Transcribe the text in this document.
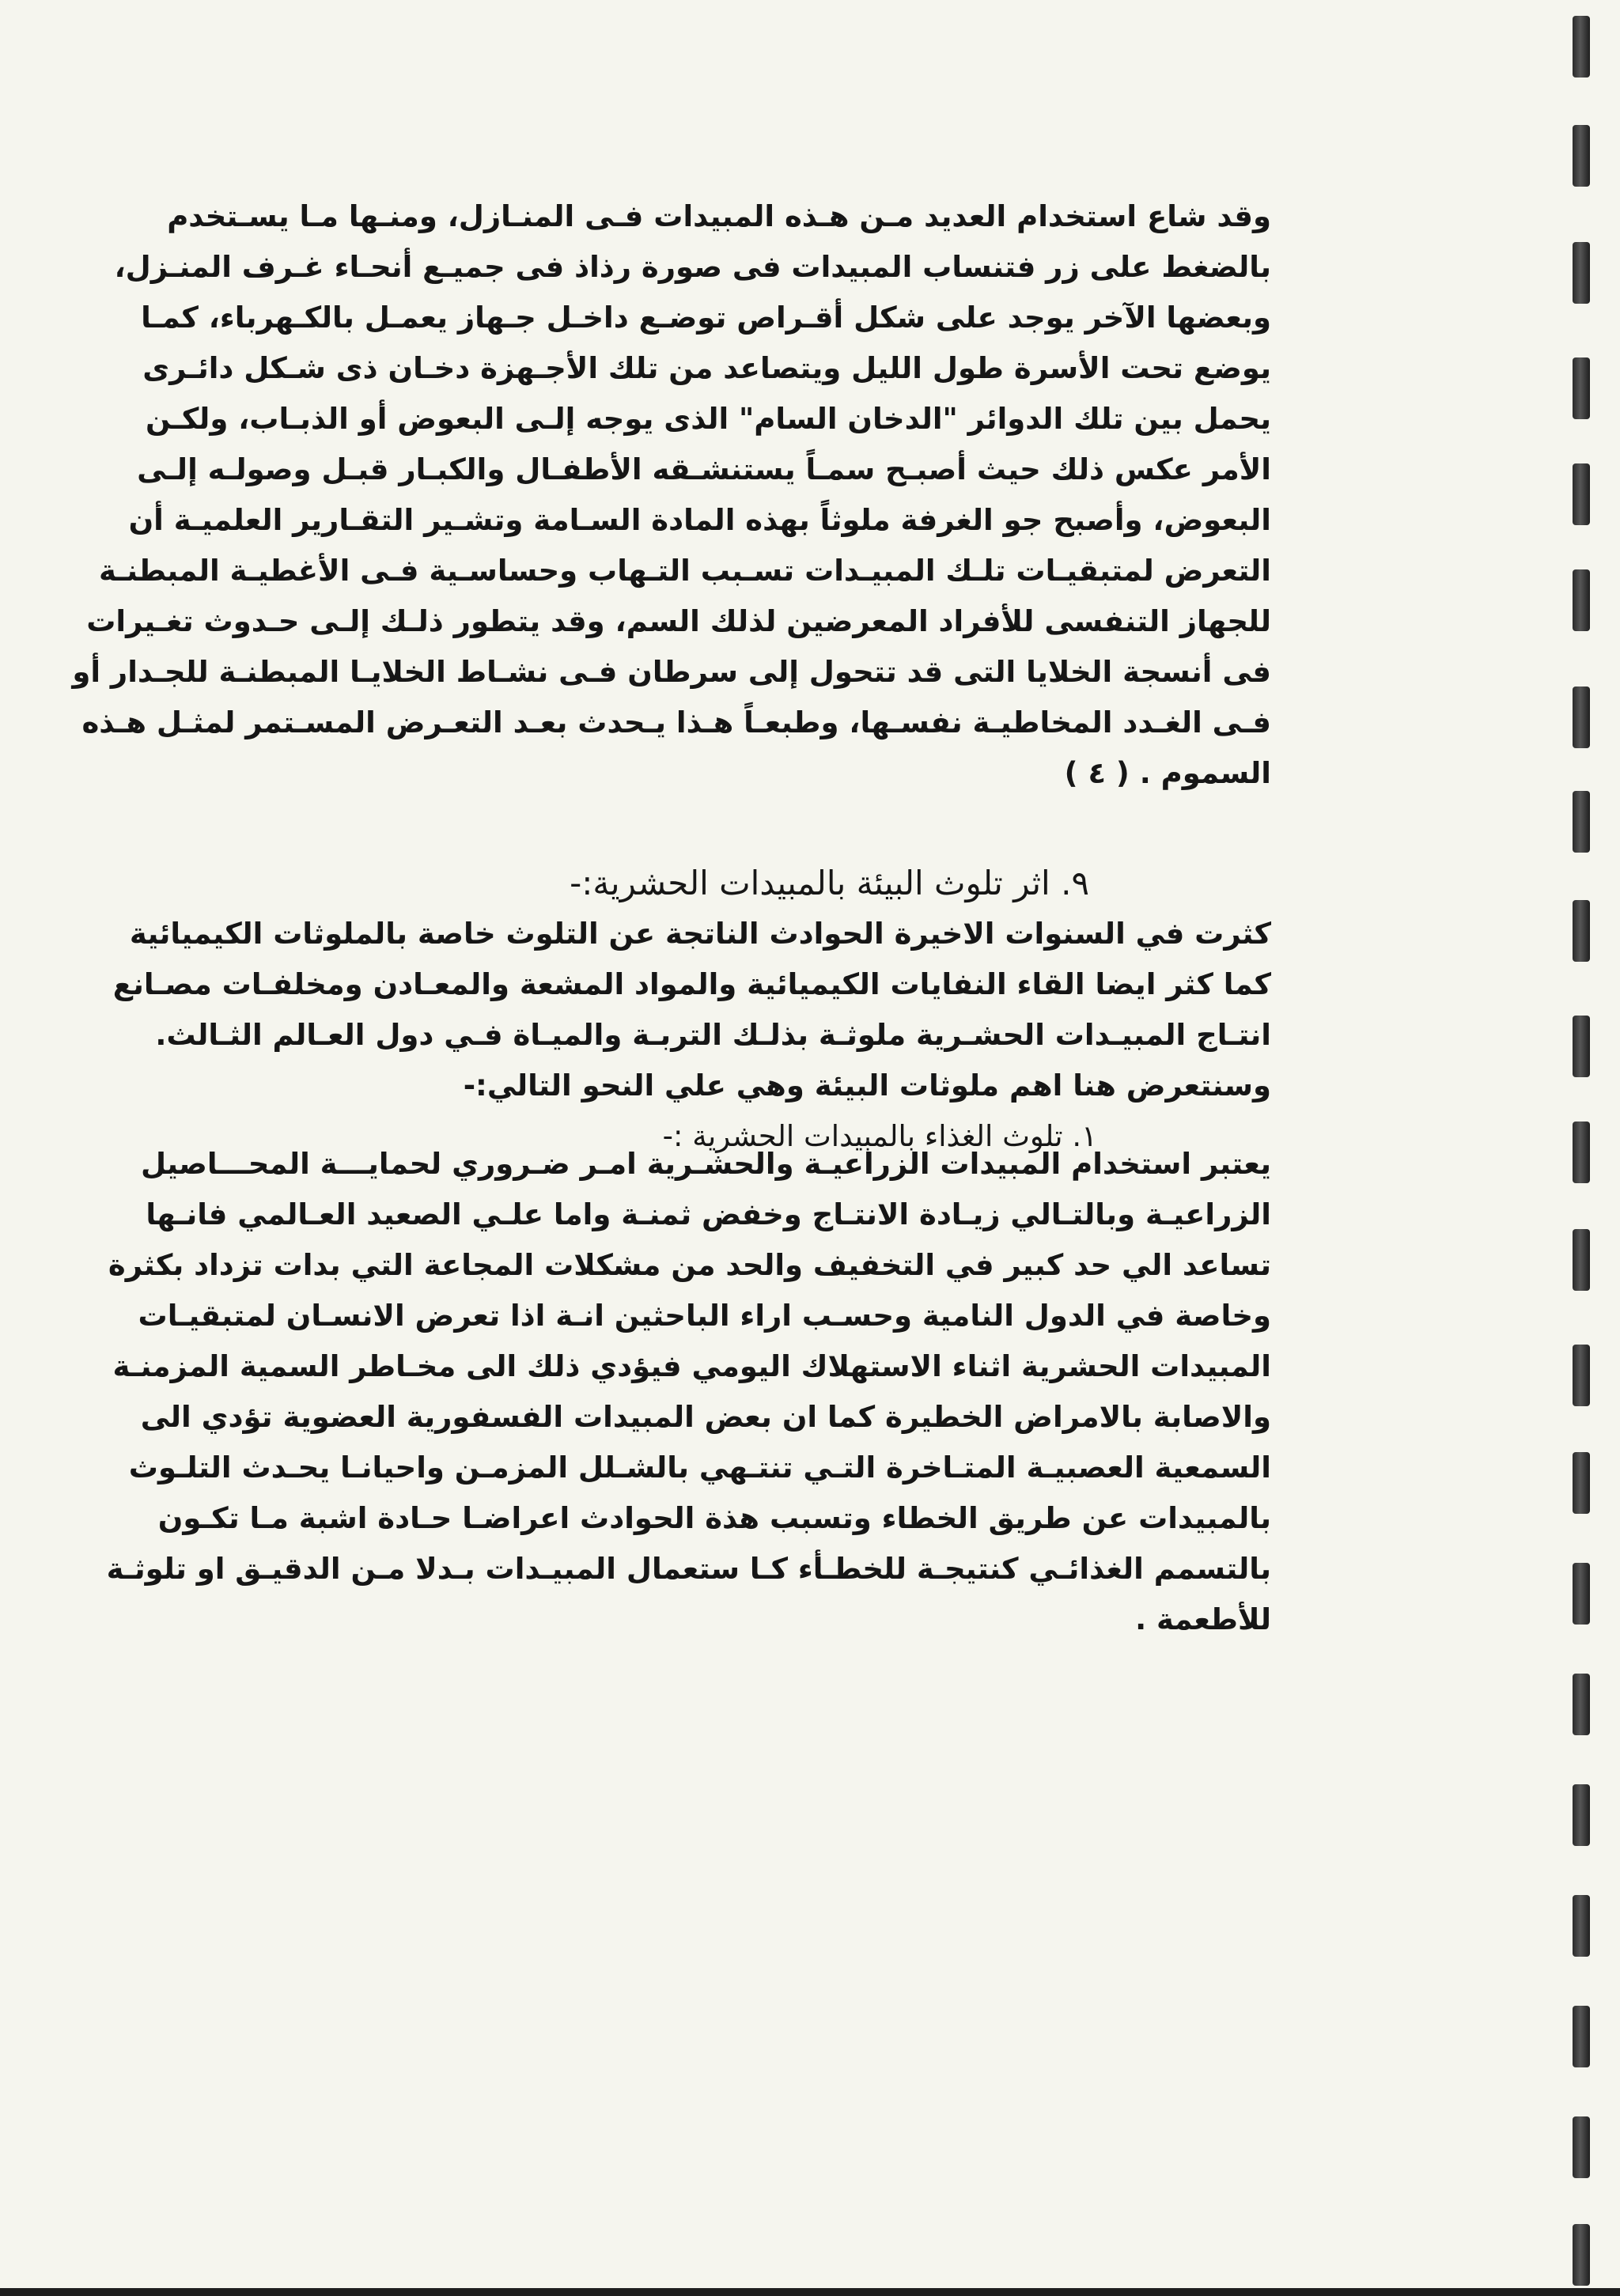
وقد شاع استخدام العديد مـن هـذه المبيدات فـى المنـازل، ومنـها مـا يسـتخدم
بالضغط على زر فتنساب المبيدات فى صورة رذاذ فى جميـع أنحـاء غـرف المنـزل،
وبعضها الآخر يوجد على شكل أقـراص توضـع داخـل جـهاز يعمـل بالكـهرباء، كمـا
يوضع تحت الأسرة طول الليل ويتصاعد من تلك الأجـهزة دخـان ذى شـكل دائـرى
يحمل بين تلك الدوائر "الدخان السام" الذى يوجه إلـى البعوض أو الذبـاب، ولكـن
الأمر عكس ذلك حيث أصبـح سمـاً يستنشـقه الأطفـال والكبـار قبـل وصولـه إلـى
البعوض، وأصبح جو الغرفة ملوثاً بهذه المادة السـامة وتشـير التقـارير العلميـة أن
التعرض لمتبقيـات تلـك المبيـدات تسـبب التـهاب وحساسـية فـى الأغطيـة المبطنـة
للجهاز التنفسى للأفراد المعرضين لذلك السم، وقد يتطور ذلـك إلـى حـدوث تغـيرات
فى أنسجة الخلايا التى قد تتحول إلى سرطان فـى نشـاط الخلايـا المبطنـة للجـدار أو
فـى الغـدد المخاطيـة نفسـها، وطبعـاً هـذا يـحدث بعـد التعـرض المسـتمر لمثـل هـذه
السموم . ( ٤ )

٩. اثر تلوث البيئة بالمبيدات الحشرية:-

كثرت في السنوات الاخيرة الحوادث الناتجة عن التلوث خاصة بالملوثات الكيميائية
كما كثر ايضا القاء النفايات الكيميائية والمواد المشعة والمعـادن ومخلفـات مصـانع
انتـاج المبيـدات الحشـرية ملوثـة بذلـك التربـة والميـاة فـي دول العـالم الثـالث.
وسنتعرض هنا اهم ملوثات البيئة وهي علي النحو التالي:-

١. تلوث الغذاء بالمبيدات الحشرية :-

يعتبر استخدام المبيدات الزراعيـة والحشـرية امـر ضـروري لحمايـــة المحـــاصيل
الزراعيـة وبالتـالي زيـادة الانتـاج وخفض ثمنـة واما علـي الصعيد العـالمي فانـها
تساعد الي حد كبير في التخفيف والحد من مشكلات المجاعة التي بدات تزداد بكثرة
وخاصة في الدول النامية وحسـب اراء الباحثين انـة اذا تعرض الانسـان لمتبقيـات
المبيدات الحشرية اثناء الاستهلاك اليومي فيؤدي ذلك الى مخـاطر السمية المزمنـة
والاصابة بالامراض الخطيرة كما ان بعض المبيدات الفسفورية العضوية تؤدي الى
السمعية العصبيـة المتـاخرة التـي تنتـهي بالشـلل المزمـن واحيانـا يحـدث التلـوث
بالمبيدات عن طريق الخطاء وتسبب هذة الحوادث اعراضـا حـادة اشبة مـا تكـون
بالتسمم الغذائـي كنتيجـة للخطـأء كـا ستعمال المبيـدات بـدلا مـن الدقيـق او تلوثـة
للأطعمة .
